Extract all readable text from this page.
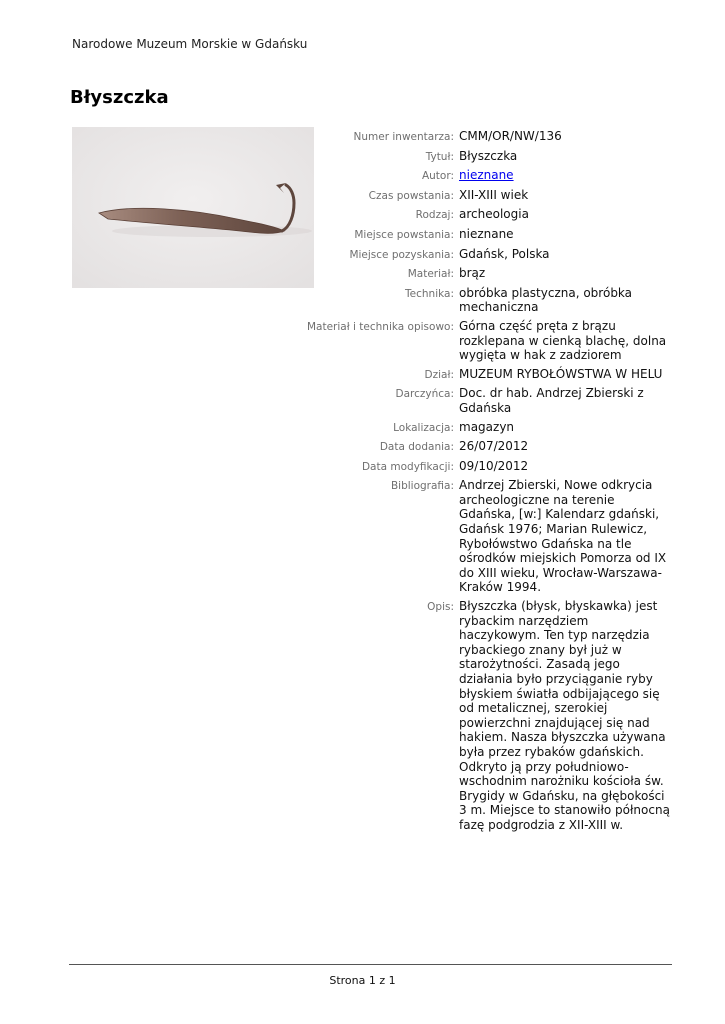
Narodowe Muzeum Morskie w Gdańsku
Błyszczka
Numer inwentarza: CMM/OR/NW/136
Tytuł: Błyszczka
Autor: nieznane
Czas powstania: XII-XIII wiek
Rodzaj: archeologia
Miejsce powstania: nieznane
Miejsce pozyskania: Gdańsk, Polska
Materiał: brąz
Technika: obróbka plastyczna, obróbka mechaniczna
Materiał i technika opisowo: Górna część pręta z brązu rozklepana w cienką blachę, dolna wygięta w hak z zadziorem
Dział: MUZEUM RYBOŁÓWSTWA W HELU
Darczyńca: Doc. dr hab. Andrzej Zbierski z Gdańska
Lokalizacja: magazyn
Data dodania: 26/07/2012
Data modyfikacji: 09/10/2012
Bibliografia: Andrzej Zbierski, Nowe odkrycia archeologiczne na terenie Gdańska, [w:] Kalendarz gdański, Gdańsk 1976; Marian Rulewicz, Rybołówstwo Gdańska na tle ośrodków miejskich Pomorza od IX do XIII wieku, Wrocław-Warszawa-Kraków 1994.
Opis: Błyszczka (błysk, błyskawka) jest rybackim narzędziem haczykowym. Ten typ narzędzia rybackiego znany był już w starożytności. Zasadą jego działania było przyciąganie ryby błyskiem światła odbijającego się od metalicznej, szerokiej powierzchni znajdującej się nad hakiem. Nasza błyszczka używana była przez rybaków gdańskich. Odkryto ją przy południowo-wschodnim narożniku kościoła św. Brygidy w Gdańsku, na głębokości 3 m. Miejsce to stanowiło północną fazę podgrodzia z XII-XIII w.
Strona 1 z 1
